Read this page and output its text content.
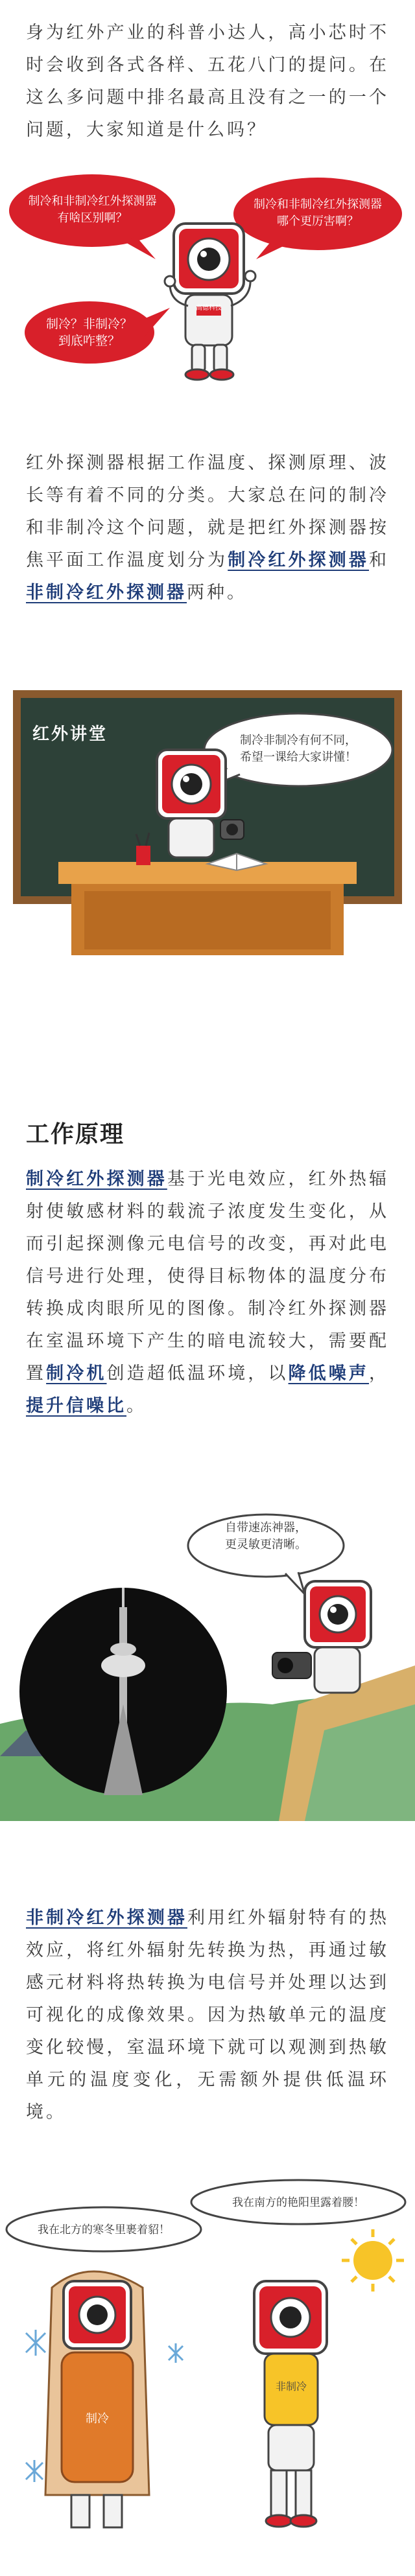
身为红外产业的科普小达人，高小芯时不时会收到各式各样、五花八门的提问。在这么多问题中排名最高且没有之一的一个问题，大家知道是什么吗？

制冷和非制冷红外探测器
有啥区别啊？
制冷和非制冷红外探测器
哪个更厉害啊？
制冷？非制冷？
到底咋整？
高德科技

红外探测器根据工作温度、探测原理、波长等有着不同的分类。大家总在问的制冷和非制冷这个问题，就是把红外探测器按焦平面工作温度划分为制冷红外探测器和非制冷红外探测器两种。

红外讲堂	制冷非制冷有何不同，
希望一课给大家讲懂！
工作原理

制冷红外探测器基于光电效应，红外热辐射使敏感材料的载流子浓度发生变化，从而引起探测像元电信号的改变，再对此电信号进行处理，使得目标物体的温度分布转换成肉眼所见的图像。制冷红外探测器在室温环境下产生的暗电流较大，需要配置制冷机创造超低温环境，以降低噪声，提升信噪比。

自带速冻神器，
更灵敏更清晰。

非制冷红外探测器利用红外辐射特有的热效应，将红外辐射先转换为热，再通过敏感元材料将热转换为电信号并处理以达到可视化的成像效果。因为热敏单元的温度变化较慢，室温环境下就可以观测到热敏单元的温度变化，无需额外提供低温环境。

我在北方的寒冬里裹着貂！
我在南方的艳阳里露着腰！
制冷
非制冷
